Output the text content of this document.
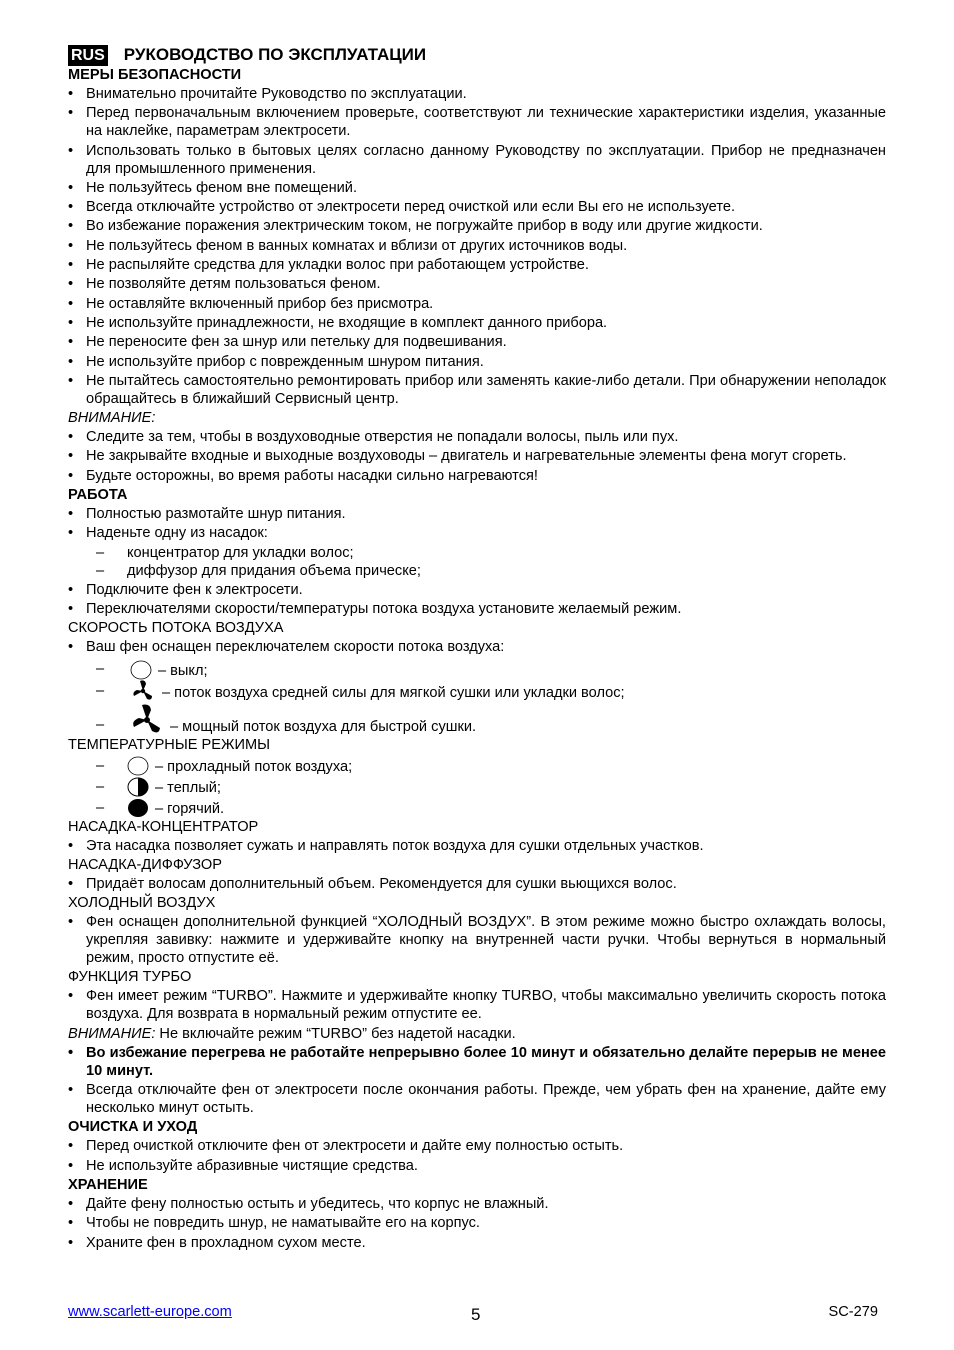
RUS РУКОВОДСТВО ПО ЭКСПЛУАТАЦИИ
МЕРЫ БЕЗОПАСНОСТИ
• Внимательно прочитайте Руководство по эксплуатации.
• Перед первоначальным включением проверьте, соответствуют ли технические характеристики изделия, указанные на наклейке, параметрам электросети.
• Использовать только в бытовых целях согласно данному Руководству по эксплуатации. Прибор не предназначен для промышленного применения.
• Не пользуйтесь феном вне помещений.
• Всегда отключайте устройство от электросети перед очисткой или если Вы его не используете.
• Во избежание поражения электрическим током, не погружайте прибор в воду или другие жидкости.
• Не пользуйтесь феном в ванных комнатах и вблизи от других источников воды.
• Не распыляйте средства для укладки волос при работающем устройстве.
• Не позволяйте детям пользоваться феном.
• Не оставляйте включенный прибор без присмотра.
• Не используйте принадлежности, не входящие в комплект данного прибора.
• Не переносите фен за шнур или петельку для подвешивания.
• Не используйте прибор с поврежденным шнуром питания.
• Не пытайтесь самостоятельно ремонтировать прибор или заменять какие-либо детали. При обнаружении неполадок обращайтесь в ближайший Сервисный центр.
ВНИМАНИЕ:
• Следите за тем, чтобы в воздуховодные отверстия не попадали волосы, пыль или пух.
• Не закрывайте входные и выходные воздуховоды – двигатель и нагревательные элементы фена могут сгореть.
• Будьте осторожны, во время работы насадки сильно нагреваются!
РАБОТА
• Полностью размотайте шнур питания.
• Наденьте одну из насадок:
– концентратор для укладки волос;
– диффузор для придания объема прическе;
• Подключите фен к электросети.
• Переключателями скорости/температуры потока воздуха установите желаемый режим.
СКОРОСТЬ ПОТОКА ВОЗДУХА
• Ваш фен оснащен переключателем скорости потока воздуха:
–	– выкл;
–	– поток воздуха средней силы для мягкой сушки или укладки волос;
–	– мощный поток воздуха для быстрой сушки.
ТЕМПЕРАТУРНЫЕ РЕЖИМЫ
–	– прохладный поток воздуха;
–	– теплый;
–	– горячий.
НАСАДКА-КОНЦЕНТРАТОР
• Эта насадка позволяет сужать и направлять поток воздуха для сушки отдельных участков.
НАСАДКА-ДИФФУЗОР
• Придаёт волосам дополнительный объем. Рекомендуется для сушки вьющихся волос.
ХОЛОДНЫЙ ВОЗДУХ
• Фен оснащен дополнительной функцией “ХОЛОДНЫЙ ВОЗДУХ”. В этом режиме можно быстро охлаждать волосы, укрепляя завивку: нажмите и удерживайте кнопку на внутренней части ручки. Чтобы вернуться в нормальный режим, просто отпустите её.
ФУНКЦИЯ ТУРБО
• Фен имеет режим “TURBO”. Нажмите и удерживайте кнопку TURBO, чтобы максимально увеличить скорость потока воздуха. Для возврата в нормальный режим отпустите ее.
ВНИМАНИЕ: Не включайте режим “TURBO” без надетой насадки.
• Во избежание перегрева не работайте непрерывно более 10 минут и обязательно делайте перерыв не менее 10 минут.
• Всегда отключайте фен от электросети после окончания работы. Прежде, чем убрать фен на хранение, дайте ему несколько минут остыть.
ОЧИСТКА И УХОД
• Перед очисткой отключите фен от электросети и дайте ему полностью остыть.
• Не используйте абразивные чистящие средства.
ХРАНЕНИЕ
• Дайте фену полностью остыть и убедитесь, что корпус не влажный.
• Чтобы не повредить шнур, не наматывайте его на корпус.
• Храните фен в прохладном сухом месте.
www.scarlett-europe.com	5	SC-279
